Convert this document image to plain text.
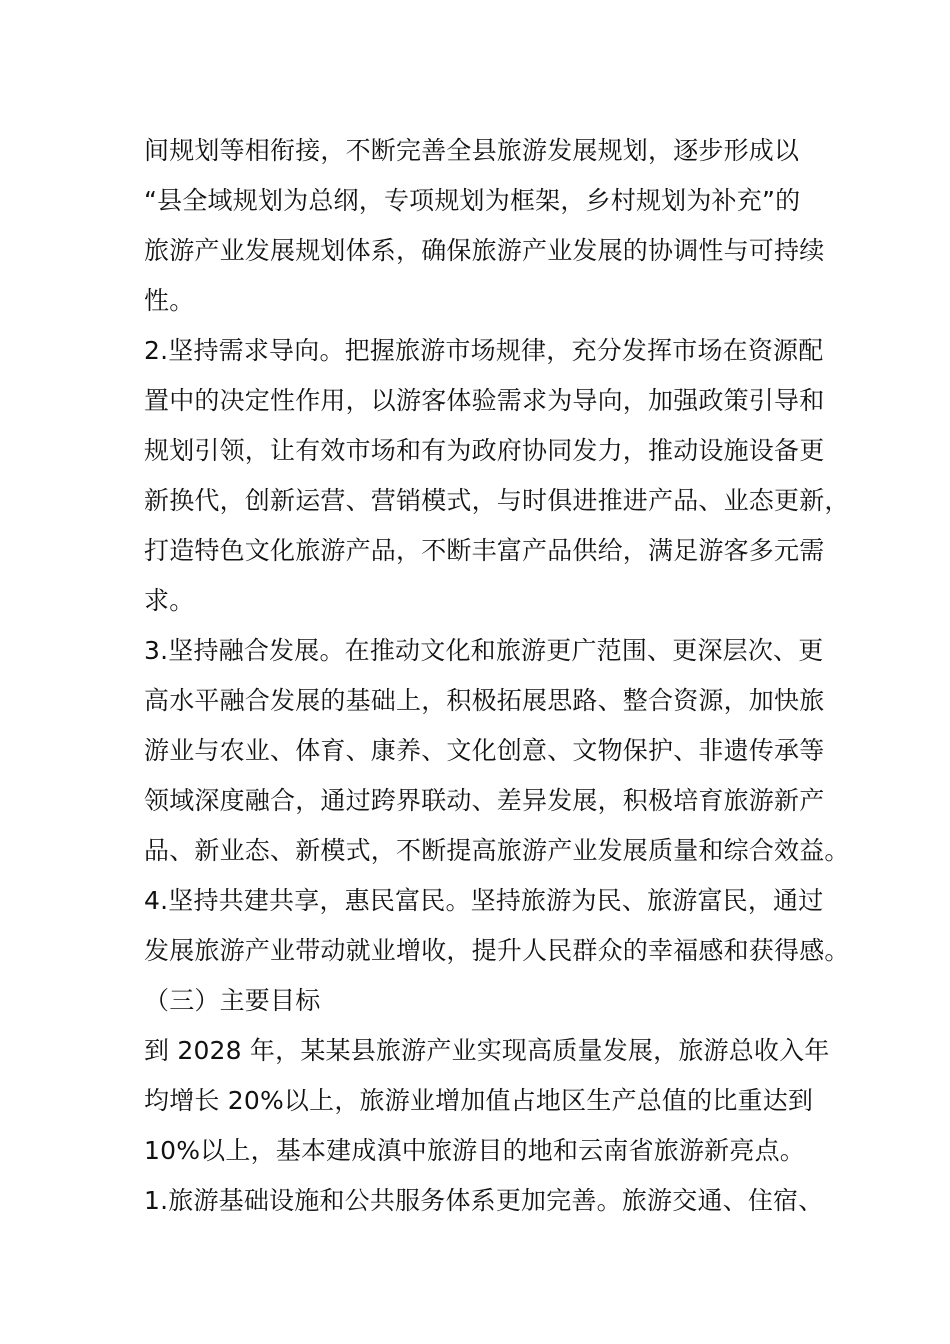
间规划等相衔接，不断完善全县旅游发展规划，逐步形成以
“县全域规划为总纲，专项规划为框架，乡村规划为补充”的
旅游产业发展规划体系，确保旅游产业发展的协调性与可持续
性。
2.坚持需求导向。把握旅游市场规律，充分发挥市场在资源配
置中的决定性作用，以游客体验需求为导向，加强政策引导和
规划引领，让有效市场和有为政府协同发力，推动设施设备更
新换代，创新运营、营销模式，与时俱进推进产品、业态更新，
打造特色文化旅游产品，不断丰富产品供给，满足游客多元需
求。
3.坚持融合发展。在推动文化和旅游更广范围、更深层次、更
高水平融合发展的基础上，积极拓展思路、整合资源，加快旅
游业与农业、体育、康养、文化创意、文物保护、非遗传承等
领域深度融合，通过跨界联动、差异发展，积极培育旅游新产
品、新业态、新模式，不断提高旅游产业发展质量和综合效益。
4.坚持共建共享，惠民富民。坚持旅游为民、旅游富民，通过
发展旅游产业带动就业增收，提升人民群众的幸福感和获得感。
（三）主要目标
到 2028 年，某某县旅游产业实现高质量发展，旅游总收入年
均增长 20%以上，旅游业增加值占地区生产总值的比重达到
10%以上，基本建成滇中旅游目的地和云南省旅游新亮点。
1.旅游基础设施和公共服务体系更加完善。旅游交通、住宿、
